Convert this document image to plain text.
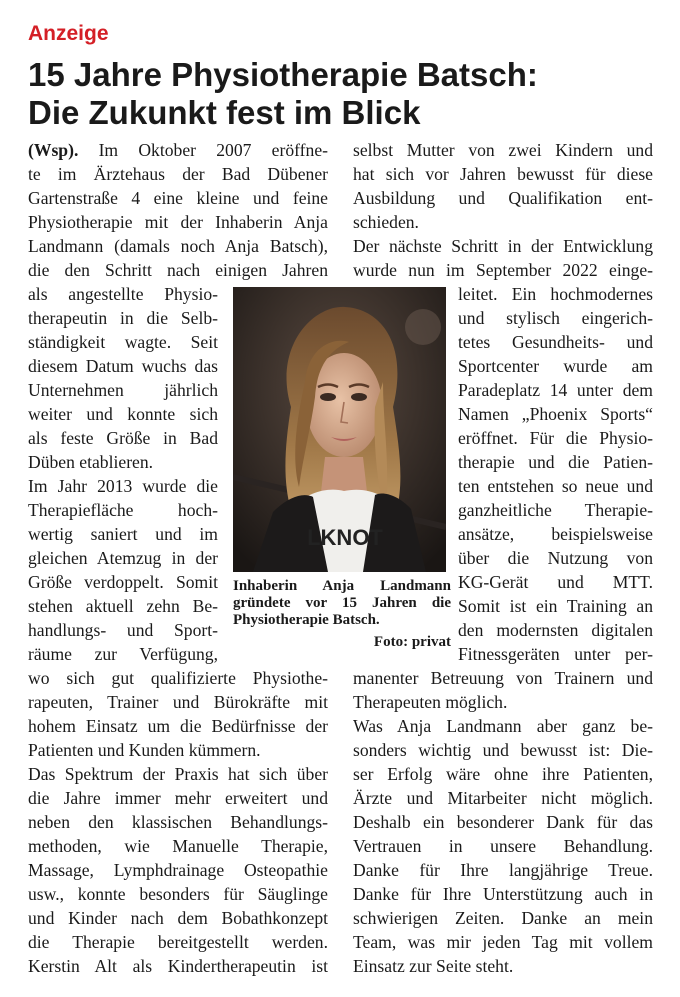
Anzeige
15 Jahre Physiotherapie Batsch:
Die Zukunkt fest im Blick
(Wsp). Im Oktober 2007 eröffne-
te im Ärztehaus der Bad Dübener
Gartenstraße 4 eine kleine und feine
Physiotherapie mit der Inhaberin Anja
Landmann (damals noch Anja Batsch),
die den Schritt nach einigen Jahren
als angestellte Physio-
therapeutin in die Selb-
ständigkeit wagte. Seit
diesem Datum wuchs das
Unternehmen jährlich
weiter und konnte sich
als feste Größe in Bad
Düben etablieren.
Im Jahr 2013 wurde die
Therapiefläche hoch-
wertig saniert und im
gleichen Atemzug in der
Größe verdoppelt. Somit
stehen aktuell zehn Be-
handlungs- und Sport-
räume zur Verfügung,
wo sich gut qualifizierte Physiothe-
rapeuten, Trainer und Bürokräfte mit
hohem Einsatz um die Bedürfnisse der
Patienten und Kunden kümmern.
Das Spektrum der Praxis hat sich über
die Jahre immer mehr erweitert und
neben den klassischen Behandlungs-
methoden, wie Manuelle Therapie,
Massage, Lymphdrainage Osteopathie
usw., konnte besonders für Säuglinge
und Kinder nach dem Bobathkonzept
die Therapie bereitgestellt werden.
Kerstin Alt als Kindertherapeutin ist
selbst Mutter von zwei Kindern und
hat sich vor Jahren bewusst für diese
Ausbildung und Qualifikation ent-
schieden.
Der nächste Schritt in der Entwicklung
wurde nun im September 2022 einge-
leitet. Ein hochmodernes
und stylisch eingerich-
tetes Gesundheits- und
Sportcenter wurde am
Paradeplatz 14 unter dem
Namen „Phoenix Sports“
eröffnet. Für die Physio-
therapie und die Patien-
ten entstehen so neue und
ganzheitliche Therapie-
ansätze, beispielsweise
über die Nutzung von
KG-Gerät und MTT.
Somit ist ein Training an
den modernsten digitalen
Fitnessgeräten unter per-
manenter Betreuung von Trainern und
Therapeuten möglich.
Was Anja Landmann aber ganz be-
sonders wichtig und bewusst ist: Die-
ser Erfolg wäre ohne ihre Patienten,
Ärzte und Mitarbeiter nicht möglich.
Deshalb ein besonderer Dank für das
Vertrauen in unsere Behandlung.
Danke für Ihre langjährige Treue.
Danke für Ihre Unterstützung auch in
schwierigen Zeiten. Danke an mein
Team, was mir jeden Tag mit vollem
Einsatz zur Seite steht.
LKNOT
Inhaberin Anja Landmann
gründete vor 15 Jahren die
Physiotherapie Batsch.
Foto: privat
